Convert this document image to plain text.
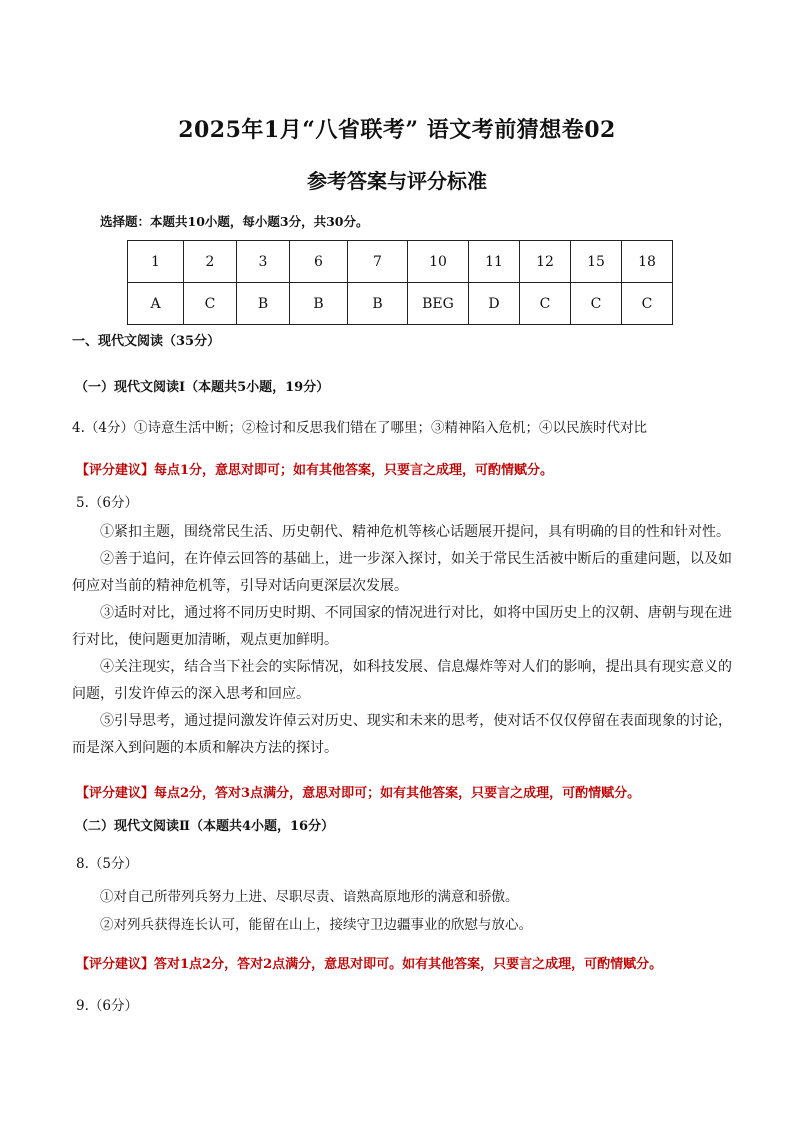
2025年1月“八省联考” 语文考前猜想卷02
参考答案与评分标准
选择题：本题共10小题，每小题3分，共30分。
1	2	3	6	7	10	11	12	15	18
A	C	B	B	B	BEG	D	C	C	C
一、现代文阅读（35分）
（一）现代文阅读Ⅰ（本题共5小题，19分）
4.（4分）①诗意生活中断；②检讨和反思我们错在了哪里；③精神陷入危机；④以民族时代对比
【评分建议】每点1分，意思对即可；如有其他答案，只要言之成理，可酌情赋分。
5.（6分）
①紧扣主题，围绕常民生活、历史朝代、精神危机等核心话题展开提问，具有明确的目的性和针对性。
②善于追问，在许倬云回答的基础上，进一步深入探讨，如关于常民生活被中断后的重建问题，以及如何应对当前的精神危机等，引导对话向更深层次发展。
③适时对比，通过将不同历史时期、不同国家的情况进行对比，如将中国历史上的汉朝、唐朝与现在进行对比，使问题更加清晰，观点更加鲜明。
④关注现实，结合当下社会的实际情况，如科技发展、信息爆炸等对人们的影响，提出具有现实意义的问题，引发许倬云的深入思考和回应。
⑤引导思考，通过提问激发许倬云对历史、现实和未来的思考，使对话不仅仅停留在表面现象的讨论，而是深入到问题的本质和解决方法的探讨。
【评分建议】每点2分，答对3点满分，意思对即可；如有其他答案，只要言之成理，可酌情赋分。
（二）现代文阅读Ⅱ（本题共4小题，16分）
8.（5分）
①对自己所带列兵努力上进、尽职尽责、谙熟高原地形的满意和骄傲。
②对列兵获得连长认可，能留在山上，接续守卫边疆事业的欣慰与放心。
【评分建议】答对1点2分，答对2点满分，意思对即可。如有其他答案，只要言之成理，可酌情赋分。
9.（6分）
